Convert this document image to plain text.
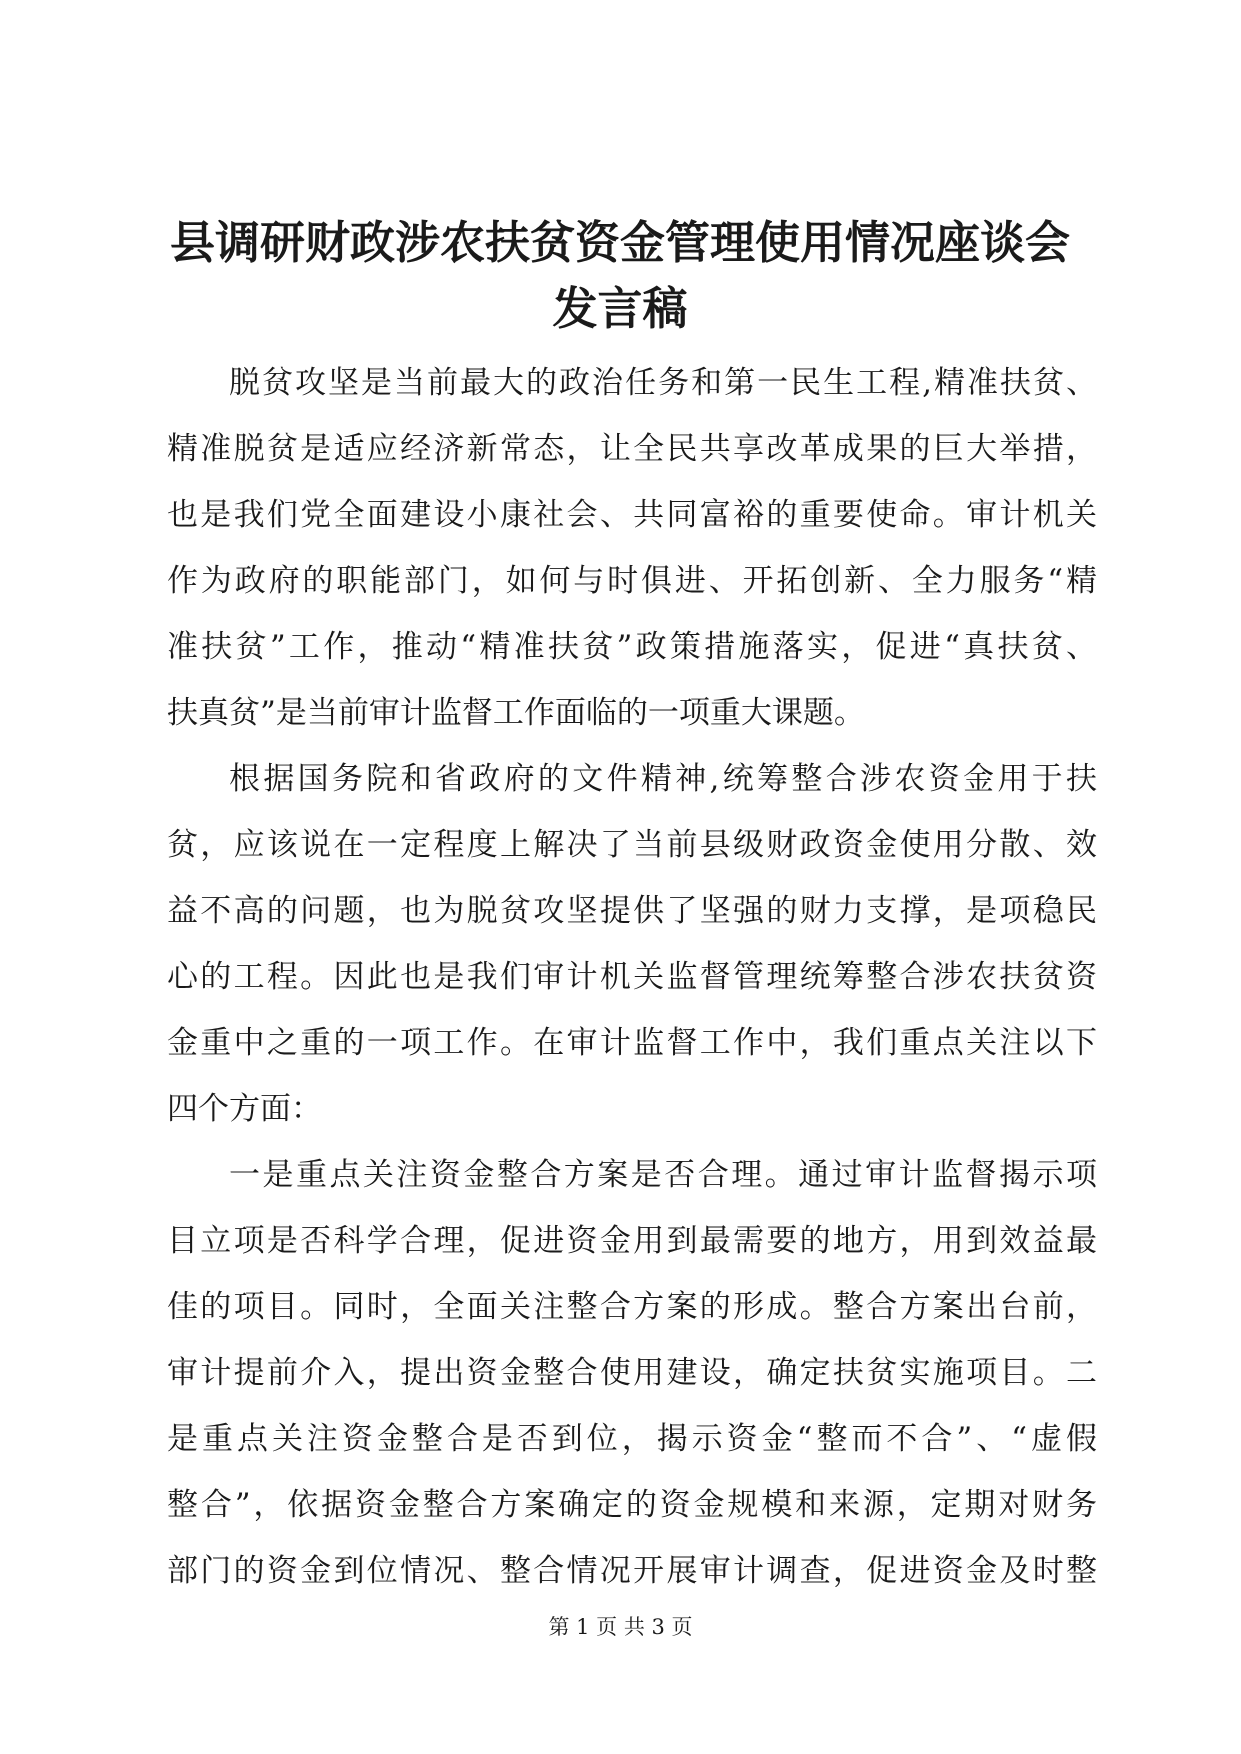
县调研财政涉农扶贫资金管理使用情况座谈会
发言稿
脱贫攻坚是当前最大的政治任务和第一民生工程,精准扶贫、
精准脱贫是适应经济新常态，让全民共享改革成果的巨大举措，
也是我们党全面建设小康社会、共同富裕的重要使命。审计机关
作为政府的职能部门，如何与时俱进、开拓创新、全力服务“精
准扶贫”工作，推动“精准扶贫”政策措施落实，促进“真扶贫、
扶真贫”是当前审计监督工作面临的一项重大课题。
根据国务院和省政府的文件精神,统筹整合涉农资金用于扶
贫，应该说在一定程度上解决了当前县级财政资金使用分散、效
益不高的问题，也为脱贫攻坚提供了坚强的财力支撑，是项稳民
心的工程。因此也是我们审计机关监督管理统筹整合涉农扶贫资
金重中之重的一项工作。在审计监督工作中，我们重点关注以下
四个方面：
一是重点关注资金整合方案是否合理。通过审计监督揭示项
目立项是否科学合理，促进资金用到最需要的地方，用到效益最
佳的项目。同时，全面关注整合方案的形成。整合方案出台前，
审计提前介入，提出资金整合使用建设，确定扶贫实施项目。二
是重点关注资金整合是否到位，揭示资金“整而不合”、“虚假
整合”，依据资金整合方案确定的资金规模和来源，定期对财务
部门的资金到位情况、整合情况开展审计调查，促进资金及时整
第 1 页 共 3 页
